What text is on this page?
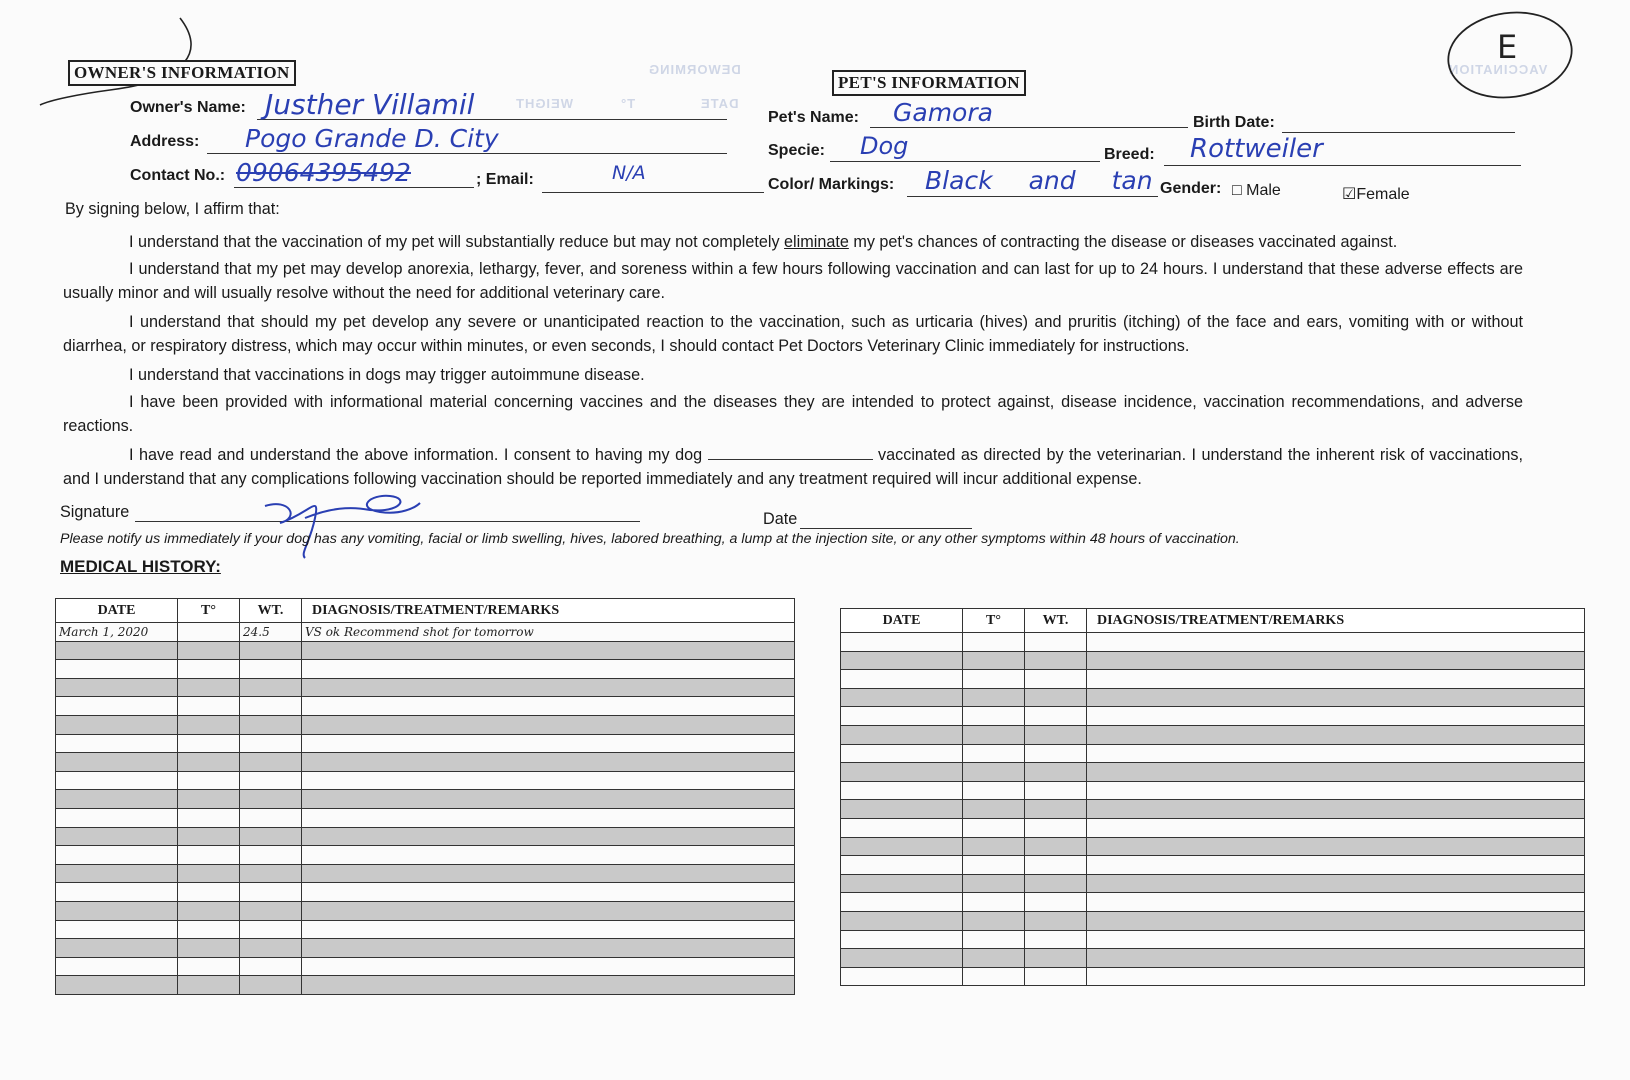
DEWORMING
DATE
T°
WEIGHT
VACCINATION
E
OWNER'S INFORMATION
Owner's Name: Justher Villamil
Address: Pogo Grande D. City
Contact No.: 09064395492	; Email:	N/A
PET'S INFORMATION
Pet's Name: Gamora	Birth Date:
Specie: Dog	Breed: Rottweiler
Color/ Markings: Black and tan Gender: □ Male	☑Female
By signing below, I affirm that:
I understand that the vaccination of my pet will substantially reduce but may not completely eliminate my pet's chances of contracting the disease or diseases vaccinated against.
I understand that my pet may develop anorexia, lethargy, fever, and soreness within a few hours following vaccination and can last for up to 24 hours. I understand that these adverse effects are usually minor and will usually resolve without the need for additional veterinary care.
I understand that should my pet develop any severe or unanticipated reaction to the vaccination, such as urticaria (hives) and pruritis (itching) of the face and ears, vomiting with or without diarrhea, or respiratory distress, which may occur within minutes, or even seconds, I should contact Pet Doctors Veterinary Clinic immediately for instructions.
I understand that vaccinations in dogs may trigger autoimmune disease.
I have been provided with informational material concerning vaccines and the diseases they are intended to protect against, disease incidence, vaccination recommendations, and adverse reactions.
I have read and understand the above information. I consent to having my dog	vaccinated as directed by the veterinarian. I understand the inherent risk of vaccinations, and I understand that any complications following vaccination should be reported immediately and any treatment required will incur additional expense.
Signature	Date
Please notify us immediately if your dog has any vomiting, facial or limb swelling, hives, labored breathing, a lump at the injection site, or any other symptoms within 48 hours of vaccination.
MEDICAL HISTORY:
DATE	T°	WT.	DIAGNOSIS/TREATMENT/REMARKS
March 1, 2020		24.5	VS ok Recommend shot for tomorrow

DATE	T°	WT.	DIAGNOSIS/TREATMENT/REMARKS
